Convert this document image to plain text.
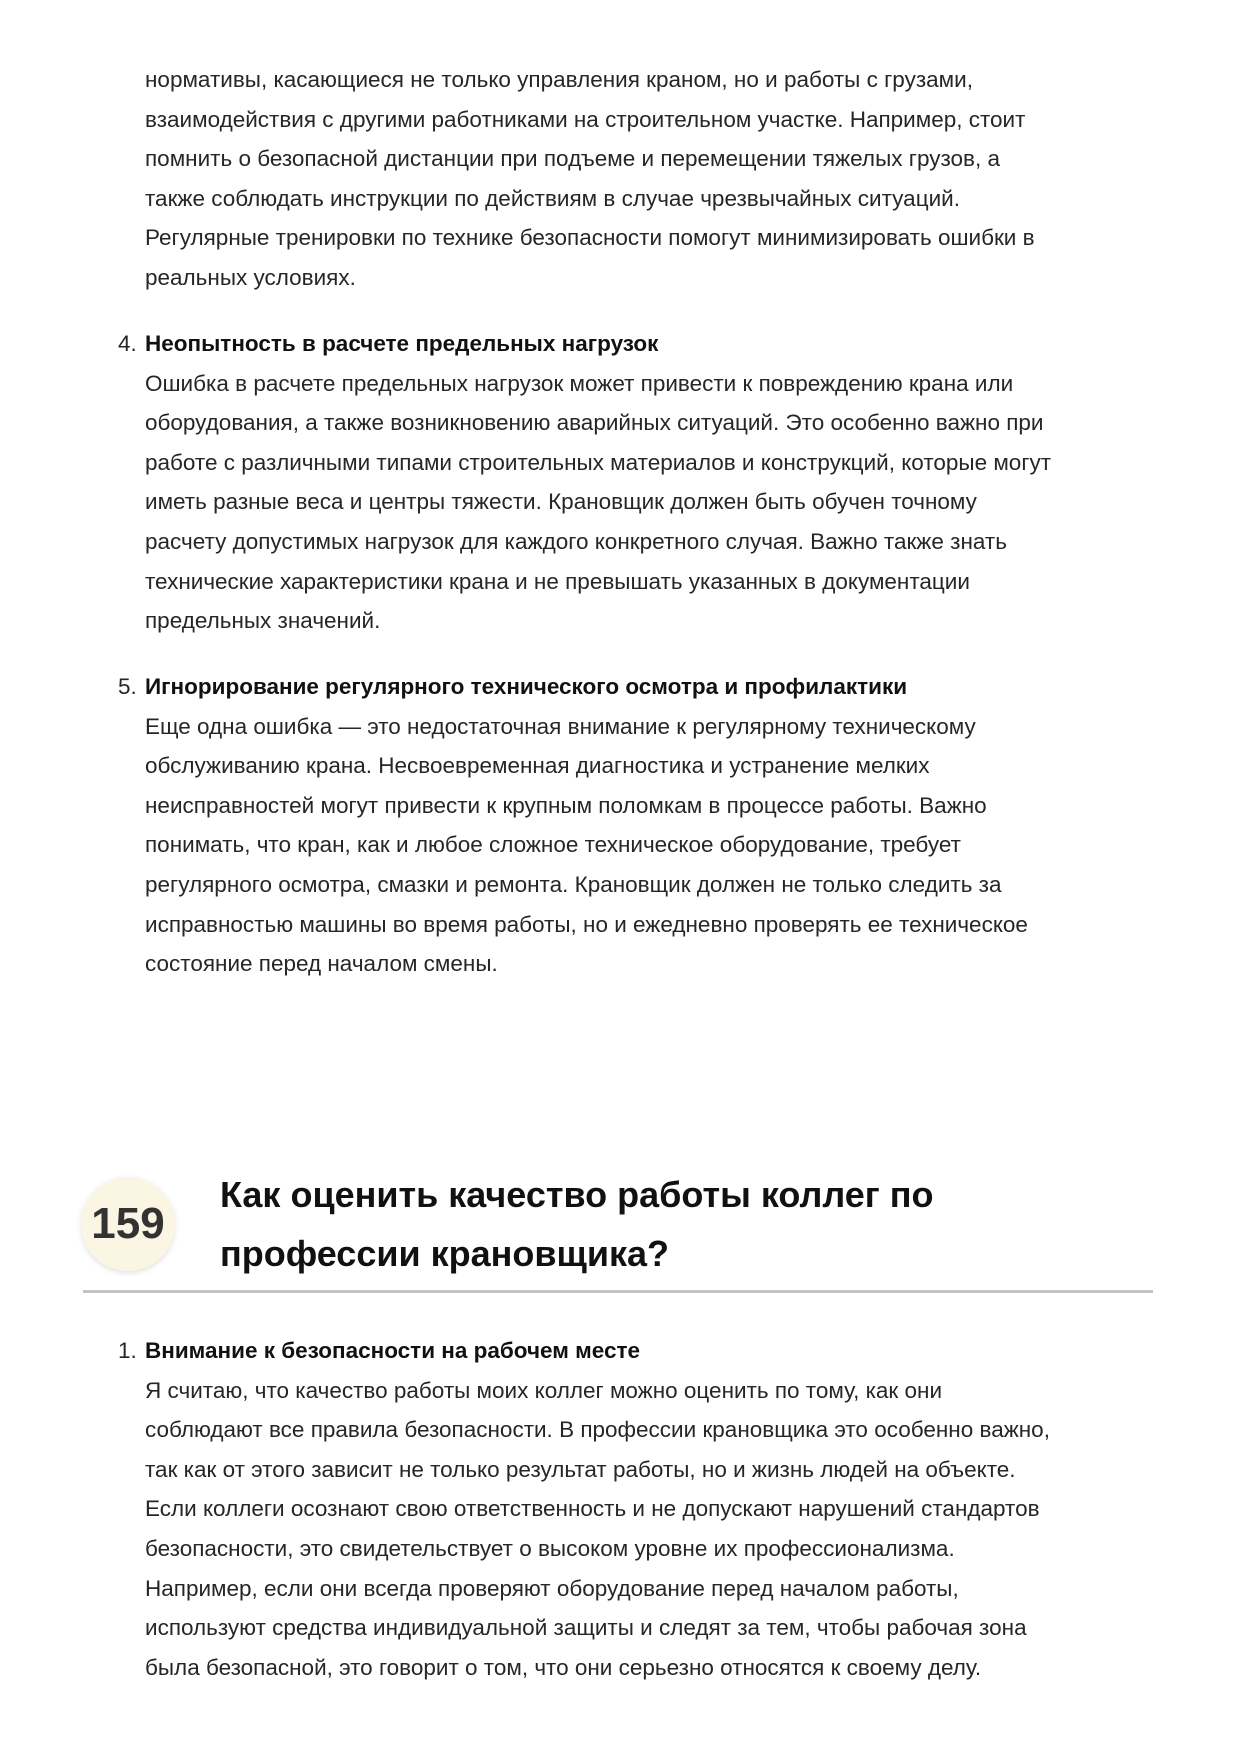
нормативы, касающиеся не только управления краном, но и работы с грузами,
взаимодействия с другими работниками на строительном участке. Например, стоит
помнить о безопасной дистанции при подъеме и перемещении тяжелых грузов, а
также соблюдать инструкции по действиям в случае чрезвычайных ситуаций.
Регулярные тренировки по технике безопасности помогут минимизировать ошибки в
реальных условиях.
4. Неопытность в расчете предельных нагрузок
Ошибка в расчете предельных нагрузок может привести к повреждению крана или
оборудования, а также возникновению аварийных ситуаций. Это особенно важно при
работе с различными типами строительных материалов и конструкций, которые могут
иметь разные веса и центры тяжести. Крановщик должен быть обучен точному
расчету допустимых нагрузок для каждого конкретного случая. Важно также знать
технические характеристики крана и не превышать указанных в документации
предельных значений.
5. Игнорирование регулярного технического осмотра и профилактики
Еще одна ошибка — это недостаточная внимание к регулярному техническому
обслуживанию крана. Несвоевременная диагностика и устранение мелких
неисправностей могут привести к крупным поломкам в процессе работы. Важно
понимать, что кран, как и любое сложное техническое оборудование, требует
регулярного осмотра, смазки и ремонта. Крановщик должен не только следить за
исправностью машины во время работы, но и ежедневно проверять ее техническое
состояние перед началом смены.
159
Как оценить качество работы коллег по
профессии крановщика?
1. Внимание к безопасности на рабочем месте
Я считаю, что качество работы моих коллег можно оценить по тому, как они
соблюдают все правила безопасности. В профессии крановщика это особенно важно,
так как от этого зависит не только результат работы, но и жизнь людей на объекте.
Если коллеги осознают свою ответственность и не допускают нарушений стандартов
безопасности, это свидетельствует о высоком уровне их профессионализма.
Например, если они всегда проверяют оборудование перед началом работы,
используют средства индивидуальной защиты и следят за тем, чтобы рабочая зона
была безопасной, это говорит о том, что они серьезно относятся к своему делу.
